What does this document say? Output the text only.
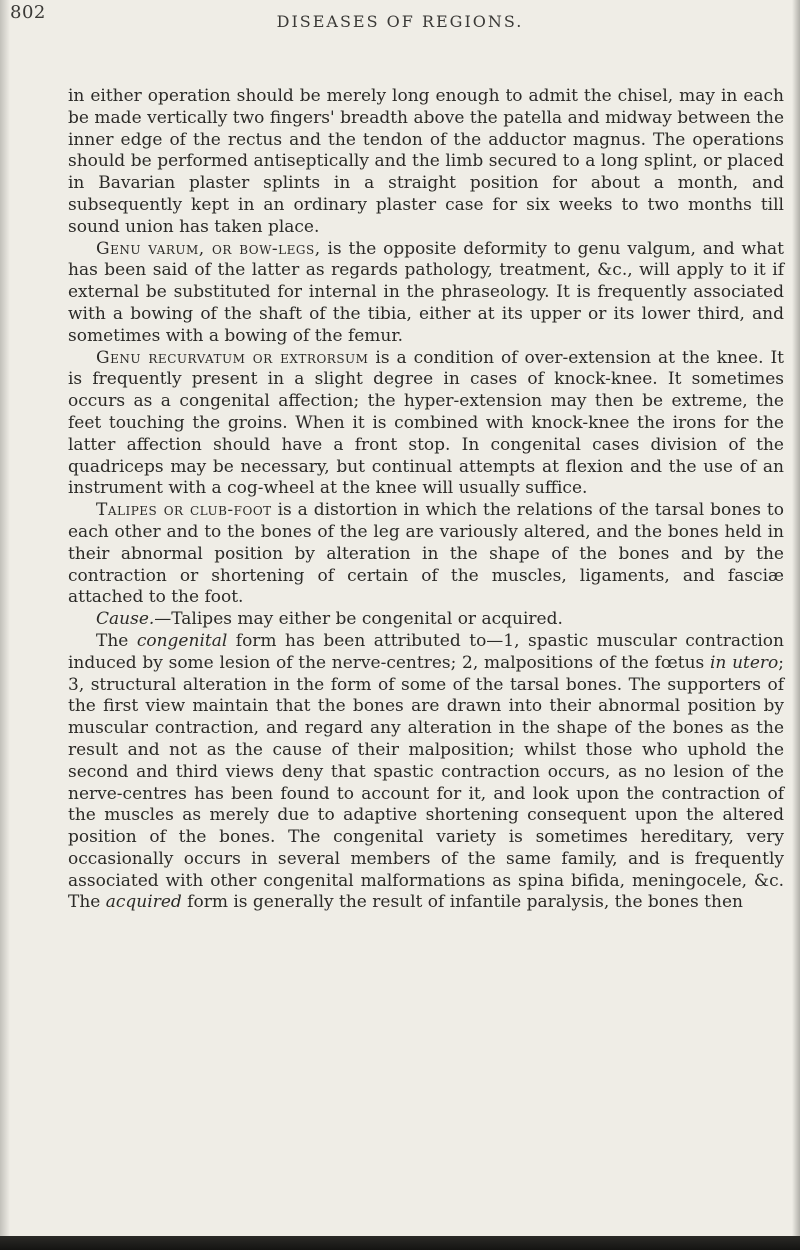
802	DISEASES OF REGIONS.

in either operation should be merely long enough to admit the chisel, may in each be made vertically two fingers' breadth above the patella and midway between the inner edge of the rectus and the tendon of the adductor magnus. The operations should be performed antiseptically and the limb secured to a long splint, or placed in Bavarian plaster splints in a straight position for about a month, and subsequently kept in an ordinary plaster case for six weeks to two months till sound union has taken place.

Genu varum, or bow-legs, is the opposite deformity to genu valgum, and what has been said of the latter as regards pathology, treatment, &c., will apply to it if external be substituted for internal in the phraseology. It is frequently associated with a bowing of the shaft of the tibia, either at its upper or its lower third, and sometimes with a bowing of the femur.

Genu recurvatum or extrorsum is a condition of over-extension at the knee. It is frequently present in a slight degree in cases of knock-knee. It sometimes occurs as a congenital affection; the hyper-extension may then be extreme, the feet touching the groins. When it is combined with knock-knee the irons for the latter affection should have a front stop. In congenital cases division of the quadriceps may be necessary, but continual attempts at flexion and the use of an instrument with a cog-wheel at the knee will usually suffice.

Talipes or club-foot is a distortion in which the relations of the tarsal bones to each other and to the bones of the leg are variously altered, and the bones held in their abnormal position by alteration in the shape of the bones and by the contraction or shortening of certain of the muscles, ligaments, and fasciæ attached to the foot.

Cause.—Talipes may either be congenital or acquired.

The congenital form has been attributed to—1, spastic muscular contraction induced by some lesion of the nerve-centres; 2, malpositions of the fœtus in utero; 3, structural alteration in the form of some of the tarsal bones. The supporters of the first view maintain that the bones are drawn into their abnormal position by muscular contraction, and regard any alteration in the shape of the bones as the result and not as the cause of their malposition; whilst those who uphold the second and third views deny that spastic contraction occurs, as no lesion of the nerve-centres has been found to account for it, and look upon the contraction of the muscles as merely due to adaptive shortening consequent upon the altered position of the bones. The congenital variety is sometimes hereditary, very occasionally occurs in several members of the same family, and is frequently associated with other congenital malformations as spina bifida, meningocele, &c. The acquired form is generally the result of infantile paralysis, the bones then
